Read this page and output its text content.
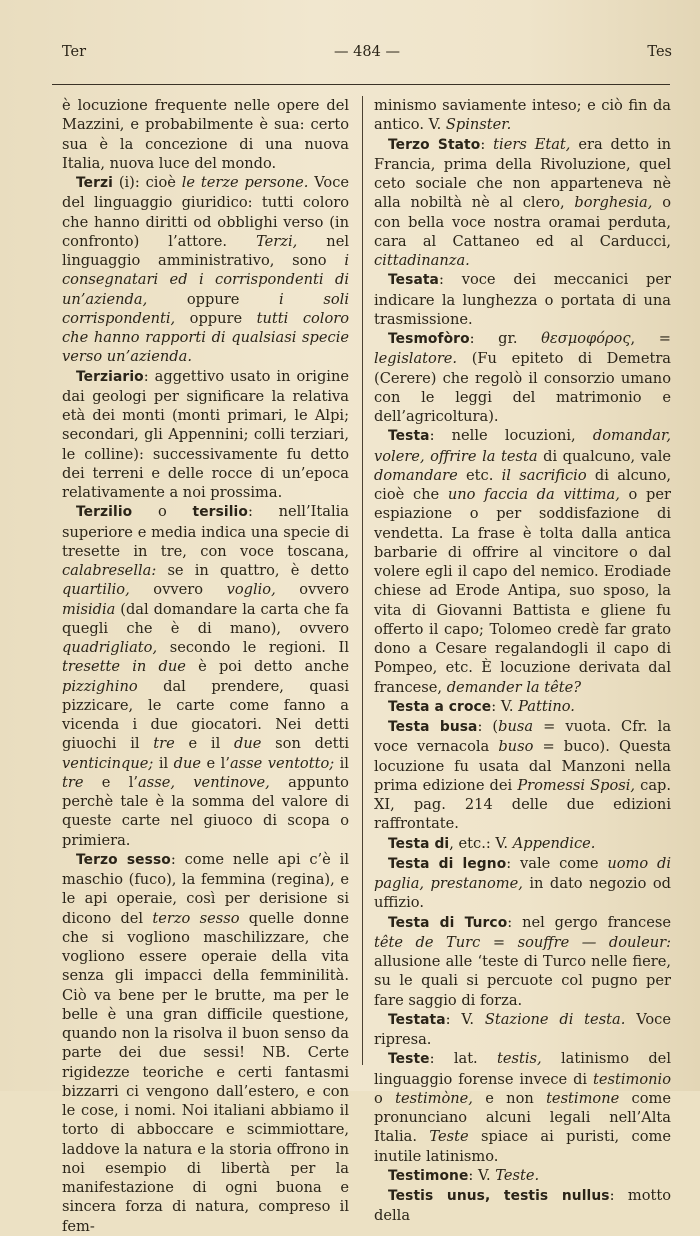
Ter	— 484 —	Tes

è locuzione frequente nelle opere del Mazzini, e probabilmente è sua: certo sua è la concezione di una nuova Italia, nuova luce del mondo.

Terzi (i): cioè le terze persone. Voce del linguaggio giuridico: tutti coloro che hanno diritti od obblighi verso (in confronto) l’attore. Terzi, nel linguaggio amministrativo, sono i consegnatari ed i corrispondenti di un’azienda, oppure i soli corrispondenti, oppure tutti coloro che hanno rapporti di qualsiasi specie verso un’azienda.

Terziario: aggettivo usato in origine dai geologi per significare la relativa età dei monti (monti primari, le Alpi; secondari, gli Appennini; colli terziari, le colline): successivamente fu detto dei terreni e delle rocce di un’epoca relativamente a noi prossima.

Terzilio o tersilio: nell’Italia superiore e media indica una specie di tresette in tre, con voce toscana, calabresella: se in quattro, è detto quartilio, ovvero voglio, ovvero misidia (dal domandare la carta che fa quegli che è di mano), ovvero quadrigliato, secondo le regioni. Il tresette in due è poi detto anche pizzighino dal prendere, quasi pizzicare, le carte come fanno a vicenda i due giocatori. Nei detti giuochi il tre e il due son detti venticinque; il due e l’asse ventotto; il tre e l’asse, ventinove, appunto perchè tale è la somma del valore di queste carte nel giuoco di scopa o primiera.

Terzo sesso: come nelle api c’è il maschio (fuco), la femmina (regina), e le api operaie, così per derisione si dicono del terzo sesso quelle donne che si vogliono maschilizzare, che vogliono essere operaie della vita senza gli impacci della femminilità. Ciò va bene per le brutte, ma per le belle è una gran difficile questione, quando non la risolva il buon senso da parte dei due sessi! NB. Certe rigidezze teoriche e certi fantasmi bizzarri ci vengono dall’estero, e con le cose, i nomi. Noi italiani abbiamo il torto di abboccare e scimmiottare, laddove la natura e la storia offrono in noi esempio di libertà per la manifestazione di ogni buona e sincera forza di natura, compreso il fem-

minismo saviamente inteso; e ciò fin da antico. V. Spinster.

Terzo Stato: tiers Etat, era detto in Francia, prima della Rivoluzione, quel ceto sociale che non apparteneva nè alla nobiltà nè al clero, borghesia, o con bella voce nostra oramai perduta, cara al Cattaneo ed al Carducci, cittadinanza.

Tesata: voce dei meccanici per indicare la lunghezza o portata di una trasmissione.

Tesmofòro: gr. θεσμοφόρος, = legislatore. (Fu epiteto di Demetra (Cerere) che regolò il consorzio umano con le leggi del matrimonio e dell’agricoltura).

Testa: nelle locuzioni, domandar, volere, offrire la testa di qualcuno, vale domandare etc. il sacrificio di alcuno, cioè che uno faccia da vittima, o per espiazione o per soddisfazione di vendetta. La frase è tolta dalla antica barbarie di offrire al vincitore o dal volere egli il capo del nemico. Erodiade chiese ad Erode Antipa, suo sposo, la vita di Giovanni Battista e gliene fu offerto il capo; Tolomeo credè far grato dono a Cesare regalandogli il capo di Pompeo, etc. È locuzione derivata dal francese, demander la tête?

Testa a croce: V. Pattino.

Testa busa: (busa = vuota. Cfr. la voce vernacola buso = buco). Questa locuzione fu usata dal Manzoni nella prima edizione dei Promessi Sposi, cap. XI, pag. 214 delle due edizioni raffrontate.

Testa di, etc.: V. Appendice.

Testa di legno: vale come uomo di paglia, prestanome, in dato negozio od uffizio.

Testa di Turco: nel gergo francese tête de Turc = souffre — douleur: allusione alle ‘teste di Turco nelle fiere, su le quali si percuote col pugno per fare saggio di forza.

Testata: V. Stazione di testa. Voce ripresa.

Teste: lat. testis, latinismo del linguaggio forense invece di testimonio o testimòne, e non testimone come pronunciano alcuni legali nell’Alta Italia. Teste spiace ai puristi, come inutile latinismo.

Testimone: V. Teste.

Testis unus, testis nullus: motto della
